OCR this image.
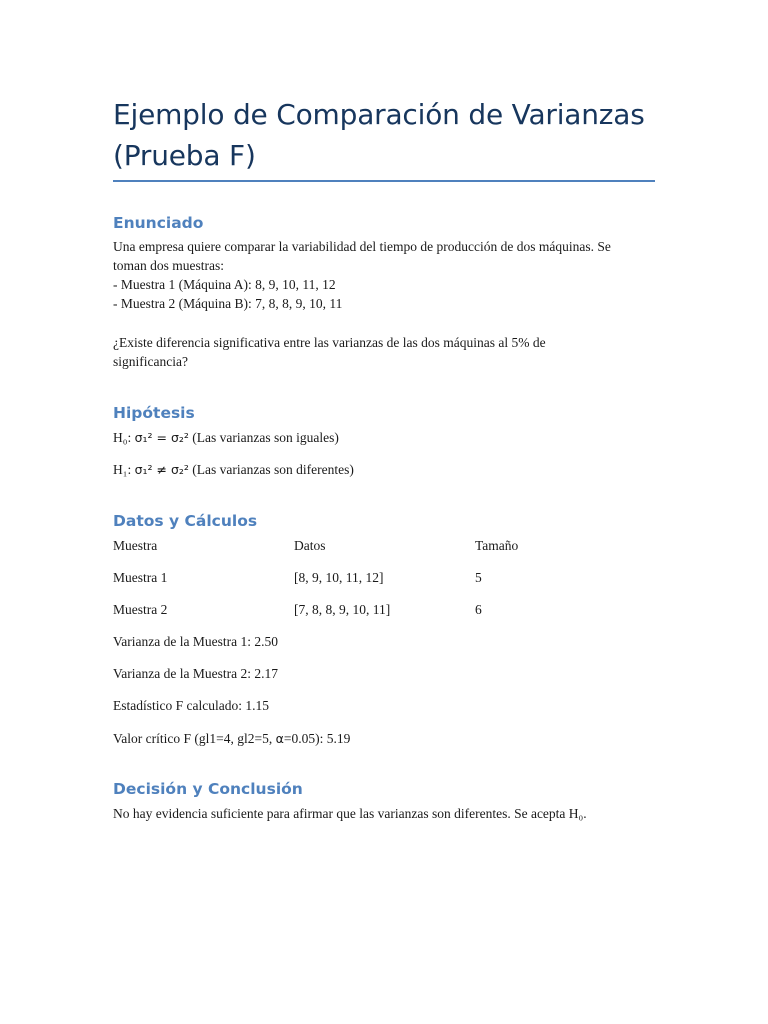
Ejemplo de Comparación de Varianzas
(Prueba F)
Enunciado

Una empresa quiere comparar la variabilidad del tiempo de producción de dos máquinas. Se
toman dos muestras:
- Muestra 1 (Máquina A): 8, 9, 10, 11, 12
- Muestra 2 (Máquina B): 7, 8, 8, 9, 10, 11

¿Existe diferencia significativa entre las varianzas de las dos máquinas al 5% de
significancia?

Hipótesis

H₀: σ₁² = σ₂² (Las varianzas son iguales)

H₁: σ₁² ≠ σ₂² (Las varianzas son diferentes)

Datos y Cálculos
Muestra	Datos	Tamaño
Muestra 1	[8, 9, 10, 11, 12]	5
Muestra 2	[7, 8, 8, 9, 10, 11]	6

Varianza de la Muestra 1: 2.50

Varianza de la Muestra 2: 2.17

Estadístico F calculado: 1.15

Valor crítico F (gl1=4, gl2=5, α=0.05): 5.19

Decisión y Conclusión

No hay evidencia suficiente para afirmar que las varianzas son diferentes. Se acepta H₀.
